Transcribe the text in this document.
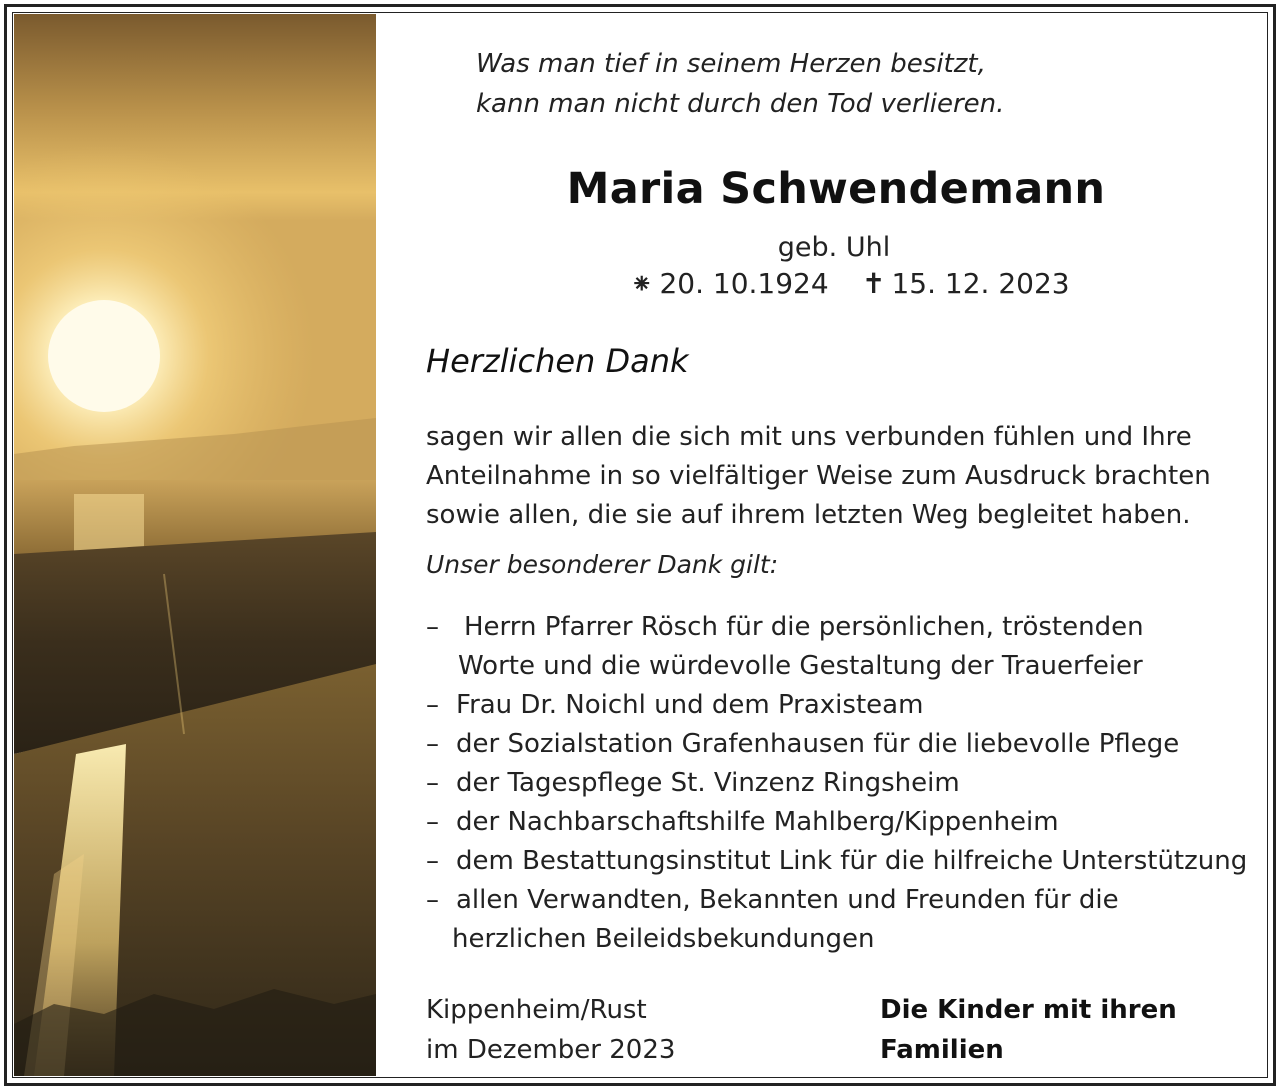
Was man tief in seinem Herzen besitzt,
kann man nicht durch den Tod verlieren.
Maria Schwendemann
geb. Uhl
⁕ 20. 10.1924 ✝ 15. 12. 2023
Herzlichen Dank
sagen wir allen die sich mit uns verbunden fühlen und Ihre
Anteilnahme in so vielfältiger Weise zum Ausdruck brachten
sowie allen, die sie auf ihrem letzten Weg begleitet haben.
Unser besonderer Dank gilt:
– Herrn Pfarrer Rösch für die persönlichen, tröstenden
Worte und die würdevolle Gestaltung der Trauerfeier
– Frau Dr. Noichl und dem Praxisteam
– der Sozialstation Grafenhausen für die liebevolle Pflege
– der Tagespflege St. Vinzenz Ringsheim
– der Nachbarschaftshilfe Mahlberg/Kippenheim
– dem Bestattungsinstitut Link für die hilfreiche Unterstützung
– allen Verwandten, Bekannten und Freunden für die
herzlichen Beileidsbekundungen
Kippenheim/Rust
im Dezember 2023
Die Kinder mit ihren
Familien
